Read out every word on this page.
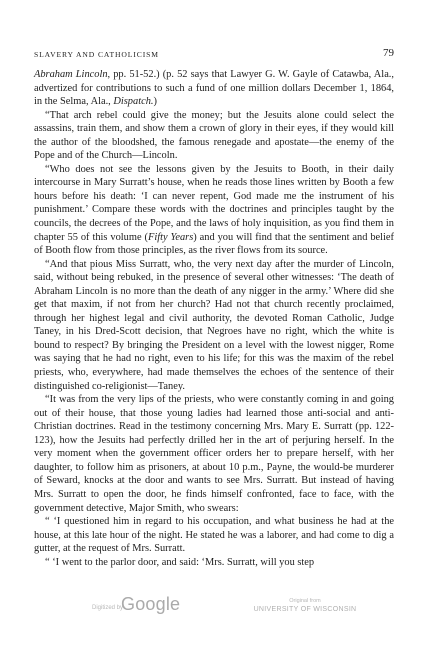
SLAVERY AND CATHOLICISM	79

Abraham Lincoln, pp. 51-52.) (p. 52 says that Lawyer G. W. Gayle of Catawba, Ala., advertized for contributions to such a fund of one million dollars December 1, 1864, in the Selma, Ala., Dispatch.)

“That arch rebel could give the money; but the Jesuits alone could select the assassins, train them, and show them a crown of glory in their eyes, if they would kill the author of the bloodshed, the famous renegade and apostate—the enemy of the Pope and of the Church—Lincoln.

“Who does not see the lessons given by the Jesuits to Booth, in their daily intercourse in Mary Surratt’s house, when he reads those lines written by Booth a few hours before his death: ‘I can never repent, God made me the instrument of his punishment.’ Compare these words with the doctrines and principles taught by the councils, the decrees of the Pope, and the laws of holy inquisition, as you find them in chapter 55 of this volume (Fifty Years) and you will find that the sentiment and belief of Booth flow from those principles, as the river flows from its source.

“And that pious Miss Surratt, who, the very next day after the murder of Lincoln, said, without being rebuked, in the presence of several other witnesses: ‘The death of Abraham Lincoln is no more than the death of any nigger in the army.’ Where did she get that maxim, if not from her church? Had not that church recently proclaimed, through her highest legal and civil authority, the devoted Roman Catholic, Judge Taney, in his Dred-Scott decision, that Negroes have no right, which the white is bound to respect? By bringing the President on a level with the lowest nigger, Rome was saying that he had no right, even to his life; for this was the maxim of the rebel priests, who, everywhere, had made themselves the echoes of the sentence of their distinguished co-religionist—Taney.

“It was from the very lips of the priests, who were constantly coming in and going out of their house, that those young ladies had learned those anti-social and anti-Christian doctrines. Read in the testimony concerning Mrs. Mary E. Surratt (pp. 122-123), how the Jesuits had perfectly drilled her in the art of perjuring herself. In the very moment when the government officer orders her to prepare herself, with her daughter, to follow him as prisoners, at about 10 p.m., Payne, the would-be murderer of Seward, knocks at the door and wants to see Mrs. Surratt. But instead of having Mrs. Surratt to open the door, he finds himself confronted, face to face, with the government detective, Major Smith, who swears:

“ ‘I questioned him in regard to his occupation, and what business he had at the house, at this late hour of the night. He stated he was a laborer, and had come to dig a gutter, at the request of Mrs. Surratt.

“ ‘I went to the parlor door, and said: ‘Mrs. Surratt, will you step

Digitized by
Google	Original from
UNIVERSITY OF WISCONSIN
